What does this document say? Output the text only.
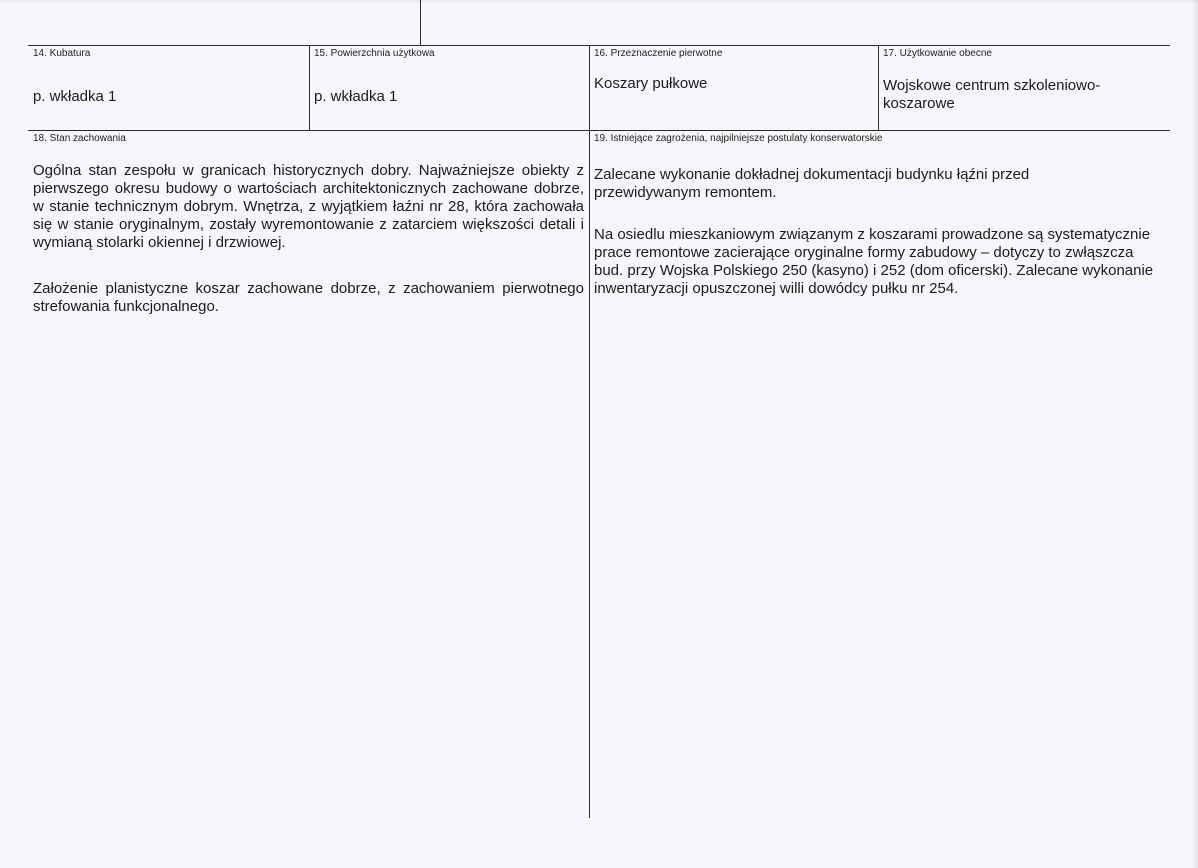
14. Kubatura
p. wkładka 1
15. Powierzchnia użytkowa
p. wkładka 1
16. Przeznaczenie pierwotne
Koszary pułkowe
17. Użytkowanie obecne
Wojskowe centrum szkoleniowo-
koszarowe
18. Stan zachowania

Ogólna stan zespołu w granicach historycznych dobry. Najważniejsze obiekty z pierwszego okresu budowy o wartościach architektonicznych zachowane dobrze, w stanie technicznym dobrym. Wnętrza, z wyjątkiem łaźni nr 28, która zachowała się w stanie oryginalnym, zostały wyremontowanie z zatarciem większości detali i wymianą stolarki okiennej i drzwiowej.

Założenie planistyczne koszar zachowane dobrze, z zachowaniem pierwotnego strefowania funkcjonalnego.

19. Istniejące zagrożenia, najpilniejsze postulaty konserwatorskie

Zalecane wykonanie dokładnej dokumentacji budynku łąźni przed przewidywanym remontem.

Na osiedlu mieszkaniowym związanym z koszarami prowadzone są systematycznie prace remontowe zacierające oryginalne formy zabudowy – dotyczy to zwłąszcza bud. przy Wojska Polskiego 250 (kasyno) i 252 (dom oficerski). Zalecane wykonanie inwentaryzacji opuszczonej willi dowódcy pułku nr 254.
